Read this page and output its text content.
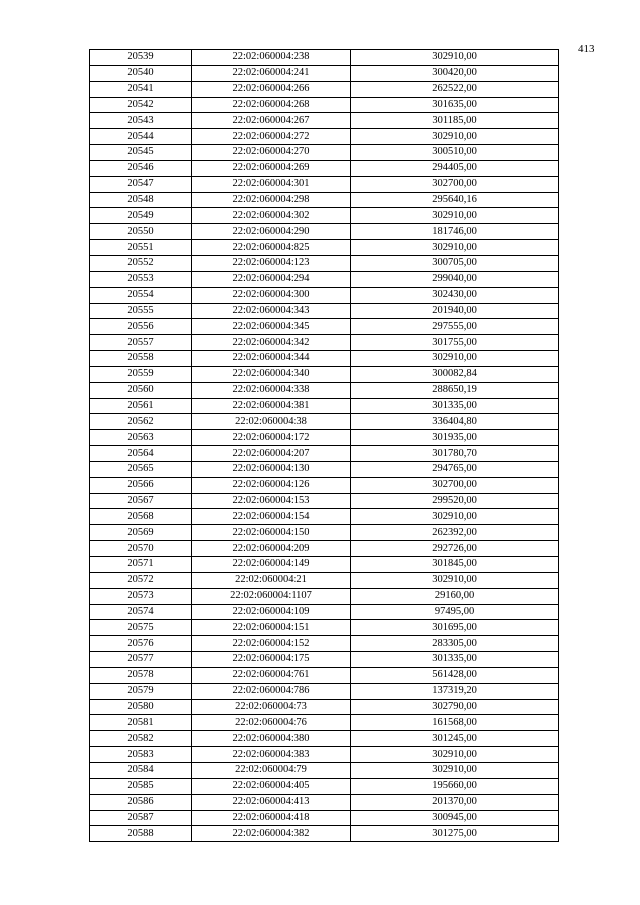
413
20539	22:02:060004:238	302910,00
20540	22:02:060004:241	300420,00
20541	22:02:060004:266	262522,00
20542	22:02:060004:268	301635,00
20543	22:02:060004:267	301185,00
20544	22:02:060004:272	302910,00
20545	22:02:060004:270	300510,00
20546	22:02:060004:269	294405,00
20547	22:02:060004:301	302700,00
20548	22:02:060004:298	295640,16
20549	22:02:060004:302	302910,00
20550	22:02:060004:290	181746,00
20551	22:02:060004:825	302910,00
20552	22:02:060004:123	300705,00
20553	22:02:060004:294	299040,00
20554	22:02:060004:300	302430,00
20555	22:02:060004:343	201940,00
20556	22:02:060004:345	297555,00
20557	22:02:060004:342	301755,00
20558	22:02:060004:344	302910,00
20559	22:02:060004:340	300082,84
20560	22:02:060004:338	288650,19
20561	22:02:060004:381	301335,00
20562	22:02:060004:38	336404,80
20563	22:02:060004:172	301935,00
20564	22:02:060004:207	301780,70
20565	22:02:060004:130	294765,00
20566	22:02:060004:126	302700,00
20567	22:02:060004:153	299520,00
20568	22:02:060004:154	302910,00
20569	22:02:060004:150	262392,00
20570	22:02:060004:209	292726,00
20571	22:02:060004:149	301845,00
20572	22:02:060004:21	302910,00
20573	22:02:060004:1107	29160,00
20574	22:02:060004:109	97495,00
20575	22:02:060004:151	301695,00
20576	22:02:060004:152	283305,00
20577	22:02:060004:175	301335,00
20578	22:02:060004:761	561428,00
20579	22:02:060004:786	137319,20
20580	22:02:060004:73	302790,00
20581	22:02:060004:76	161568,00
20582	22:02:060004:380	301245,00
20583	22:02:060004:383	302910,00
20584	22:02:060004:79	302910,00
20585	22:02:060004:405	195660,00
20586	22:02:060004:413	201370,00
20587	22:02:060004:418	300945,00
20588	22:02:060004:382	301275,00
